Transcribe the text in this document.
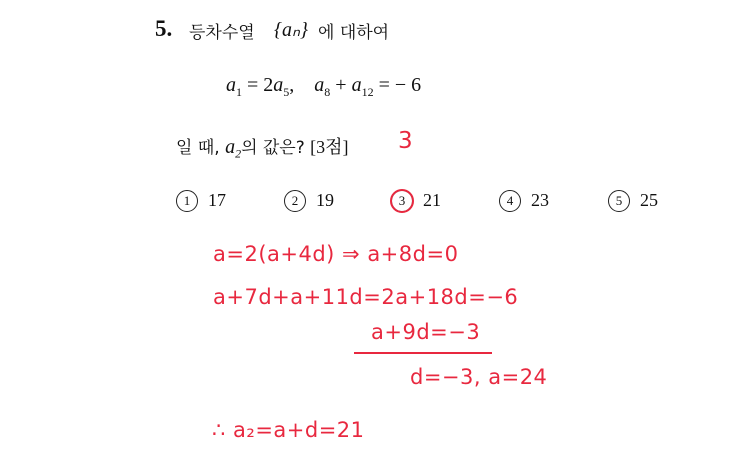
5. 등차수열 {aₙ} 에 대하여
$a_1 = 2a_5$, $a_8 + a_{12}$ = − 6
일 때, $a_2$의 값은? [3점] 3
1 17	2 19	3 21	4 23	5 25
a=2(a+4d) ⇒ a+8d=0
a+7d+a+11d=2a+18d=−6
a+9d=−3
d=−3, a=24
∴ a₂=a+d=21
